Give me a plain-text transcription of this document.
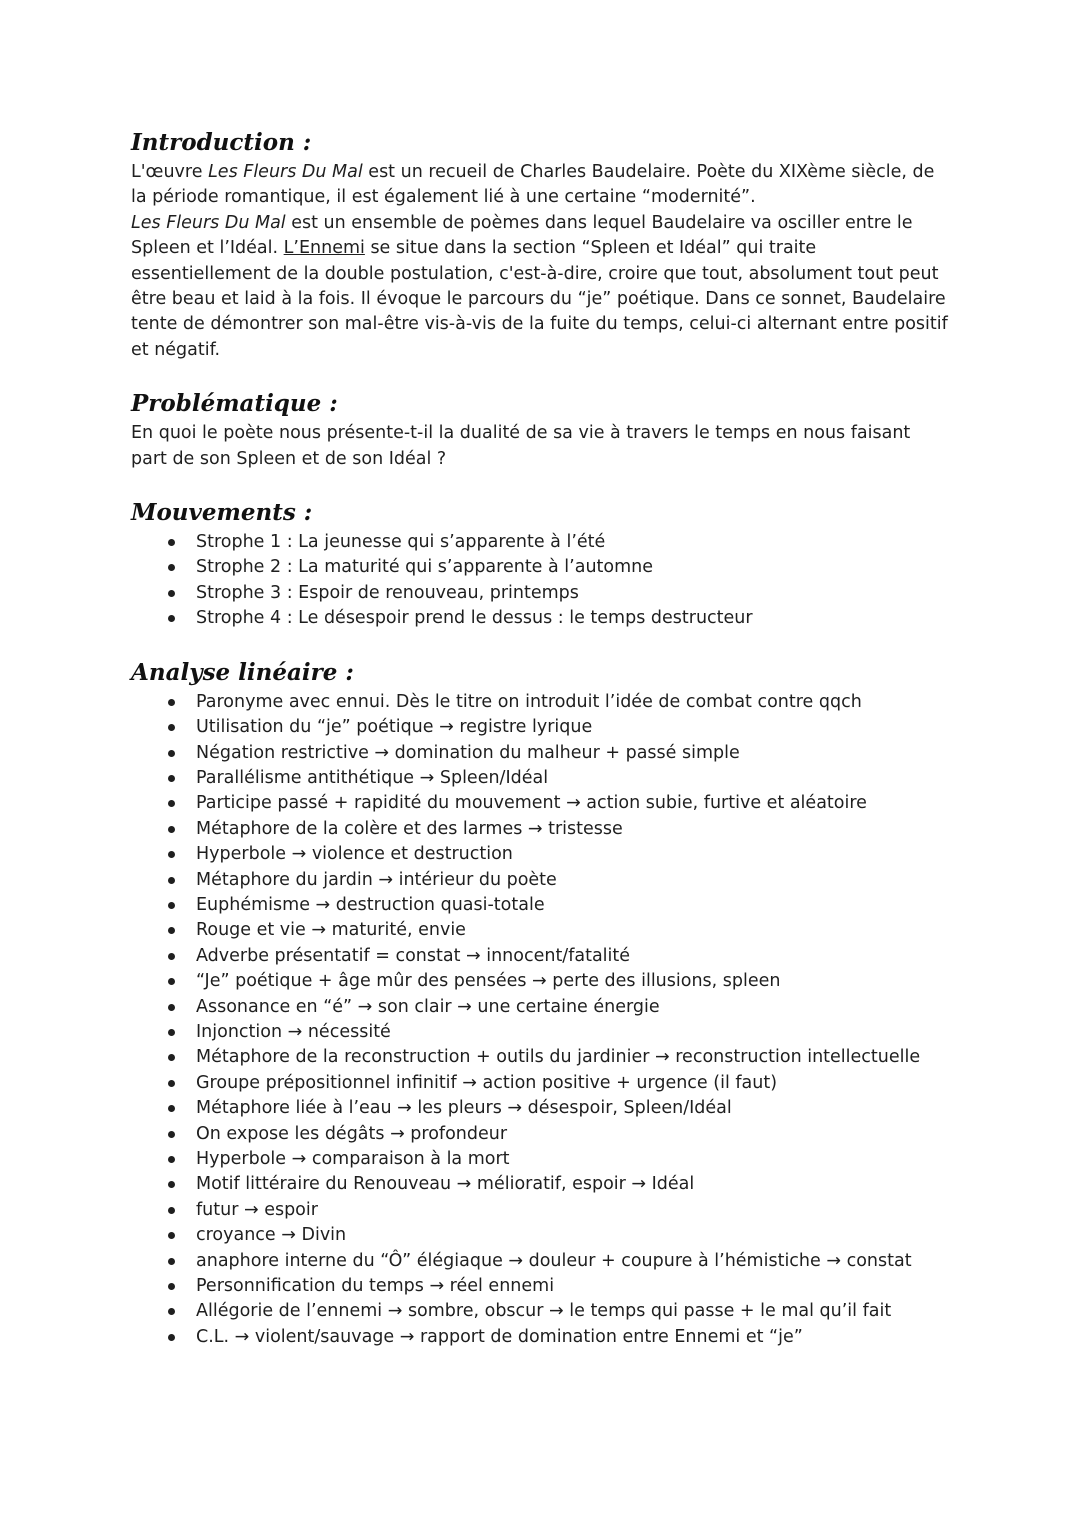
Introduction :

L'œuvre Les Fleurs Du Mal est un recueil de Charles Baudelaire. Poète du XIXème siècle, de la période romantique, il est également lié à une certaine “modernité”.

Les Fleurs Du Mal est un ensemble de poèmes dans lequel Baudelaire va osciller entre le Spleen et l’Idéal. L’Ennemi se situe dans la section “Spleen et Idéal” qui traite essentiellement de la double postulation, c'est-à-dire, croire que tout, absolument tout peut être beau et laid à la fois. Il évoque le parcours du “je” poétique. Dans ce sonnet, Baudelaire tente de démontrer son mal-être vis-à-vis de la fuite du temps, celui-ci alternant entre positif et négatif.

Problématique :

En quoi le poète nous présente-t-il la dualité de sa vie à travers le temps en nous faisant part de son Spleen et de son Idéal ?

Mouvements :
Strophe 1 : La jeunesse qui s’apparente à l’été
Strophe 2 : La maturité qui s’apparente à l’automne
Strophe 3 : Espoir de renouveau, printemps
Strophe 4 : Le désespoir prend le dessus : le temps destructeur
Analyse linéaire :
Paronyme avec ennui. Dès le titre on introduit l’idée de combat contre qqch
Utilisation du “je” poétique → registre lyrique
Négation restrictive → domination du malheur + passé simple
Parallélisme antithétique → Spleen/Idéal
Participe passé + rapidité du mouvement → action subie, furtive et aléatoire
Métaphore de la colère et des larmes → tristesse
Hyperbole → violence et destruction
Métaphore du jardin → intérieur du poète
Euphémisme → destruction quasi-totale
Rouge et vie → maturité, envie
Adverbe présentatif = constat → innocent/fatalité
“Je” poétique + âge mûr des pensées → perte des illusions, spleen
Assonance en “é” → son clair → une certaine énergie
Injonction → nécessité
Métaphore de la reconstruction + outils du jardinier → reconstruction intellectuelle
Groupe prépositionnel infinitif → action positive + urgence (il faut)
Métaphore liée à l’eau → les pleurs → désespoir, Spleen/Idéal
On expose les dégâts → profondeur
Hyperbole → comparaison à la mort
Motif littéraire du Renouveau → mélioratif, espoir → Idéal
futur → espoir
croyance → Divin
anaphore interne du “Ô” élégiaque → douleur + coupure à l’hémistiche → constat
Personnification du temps → réel ennemi
Allégorie de l’ennemi → sombre, obscur → le temps qui passe + le mal qu’il fait
C.L. → violent/sauvage → rapport de domination entre Ennemi et “je”
